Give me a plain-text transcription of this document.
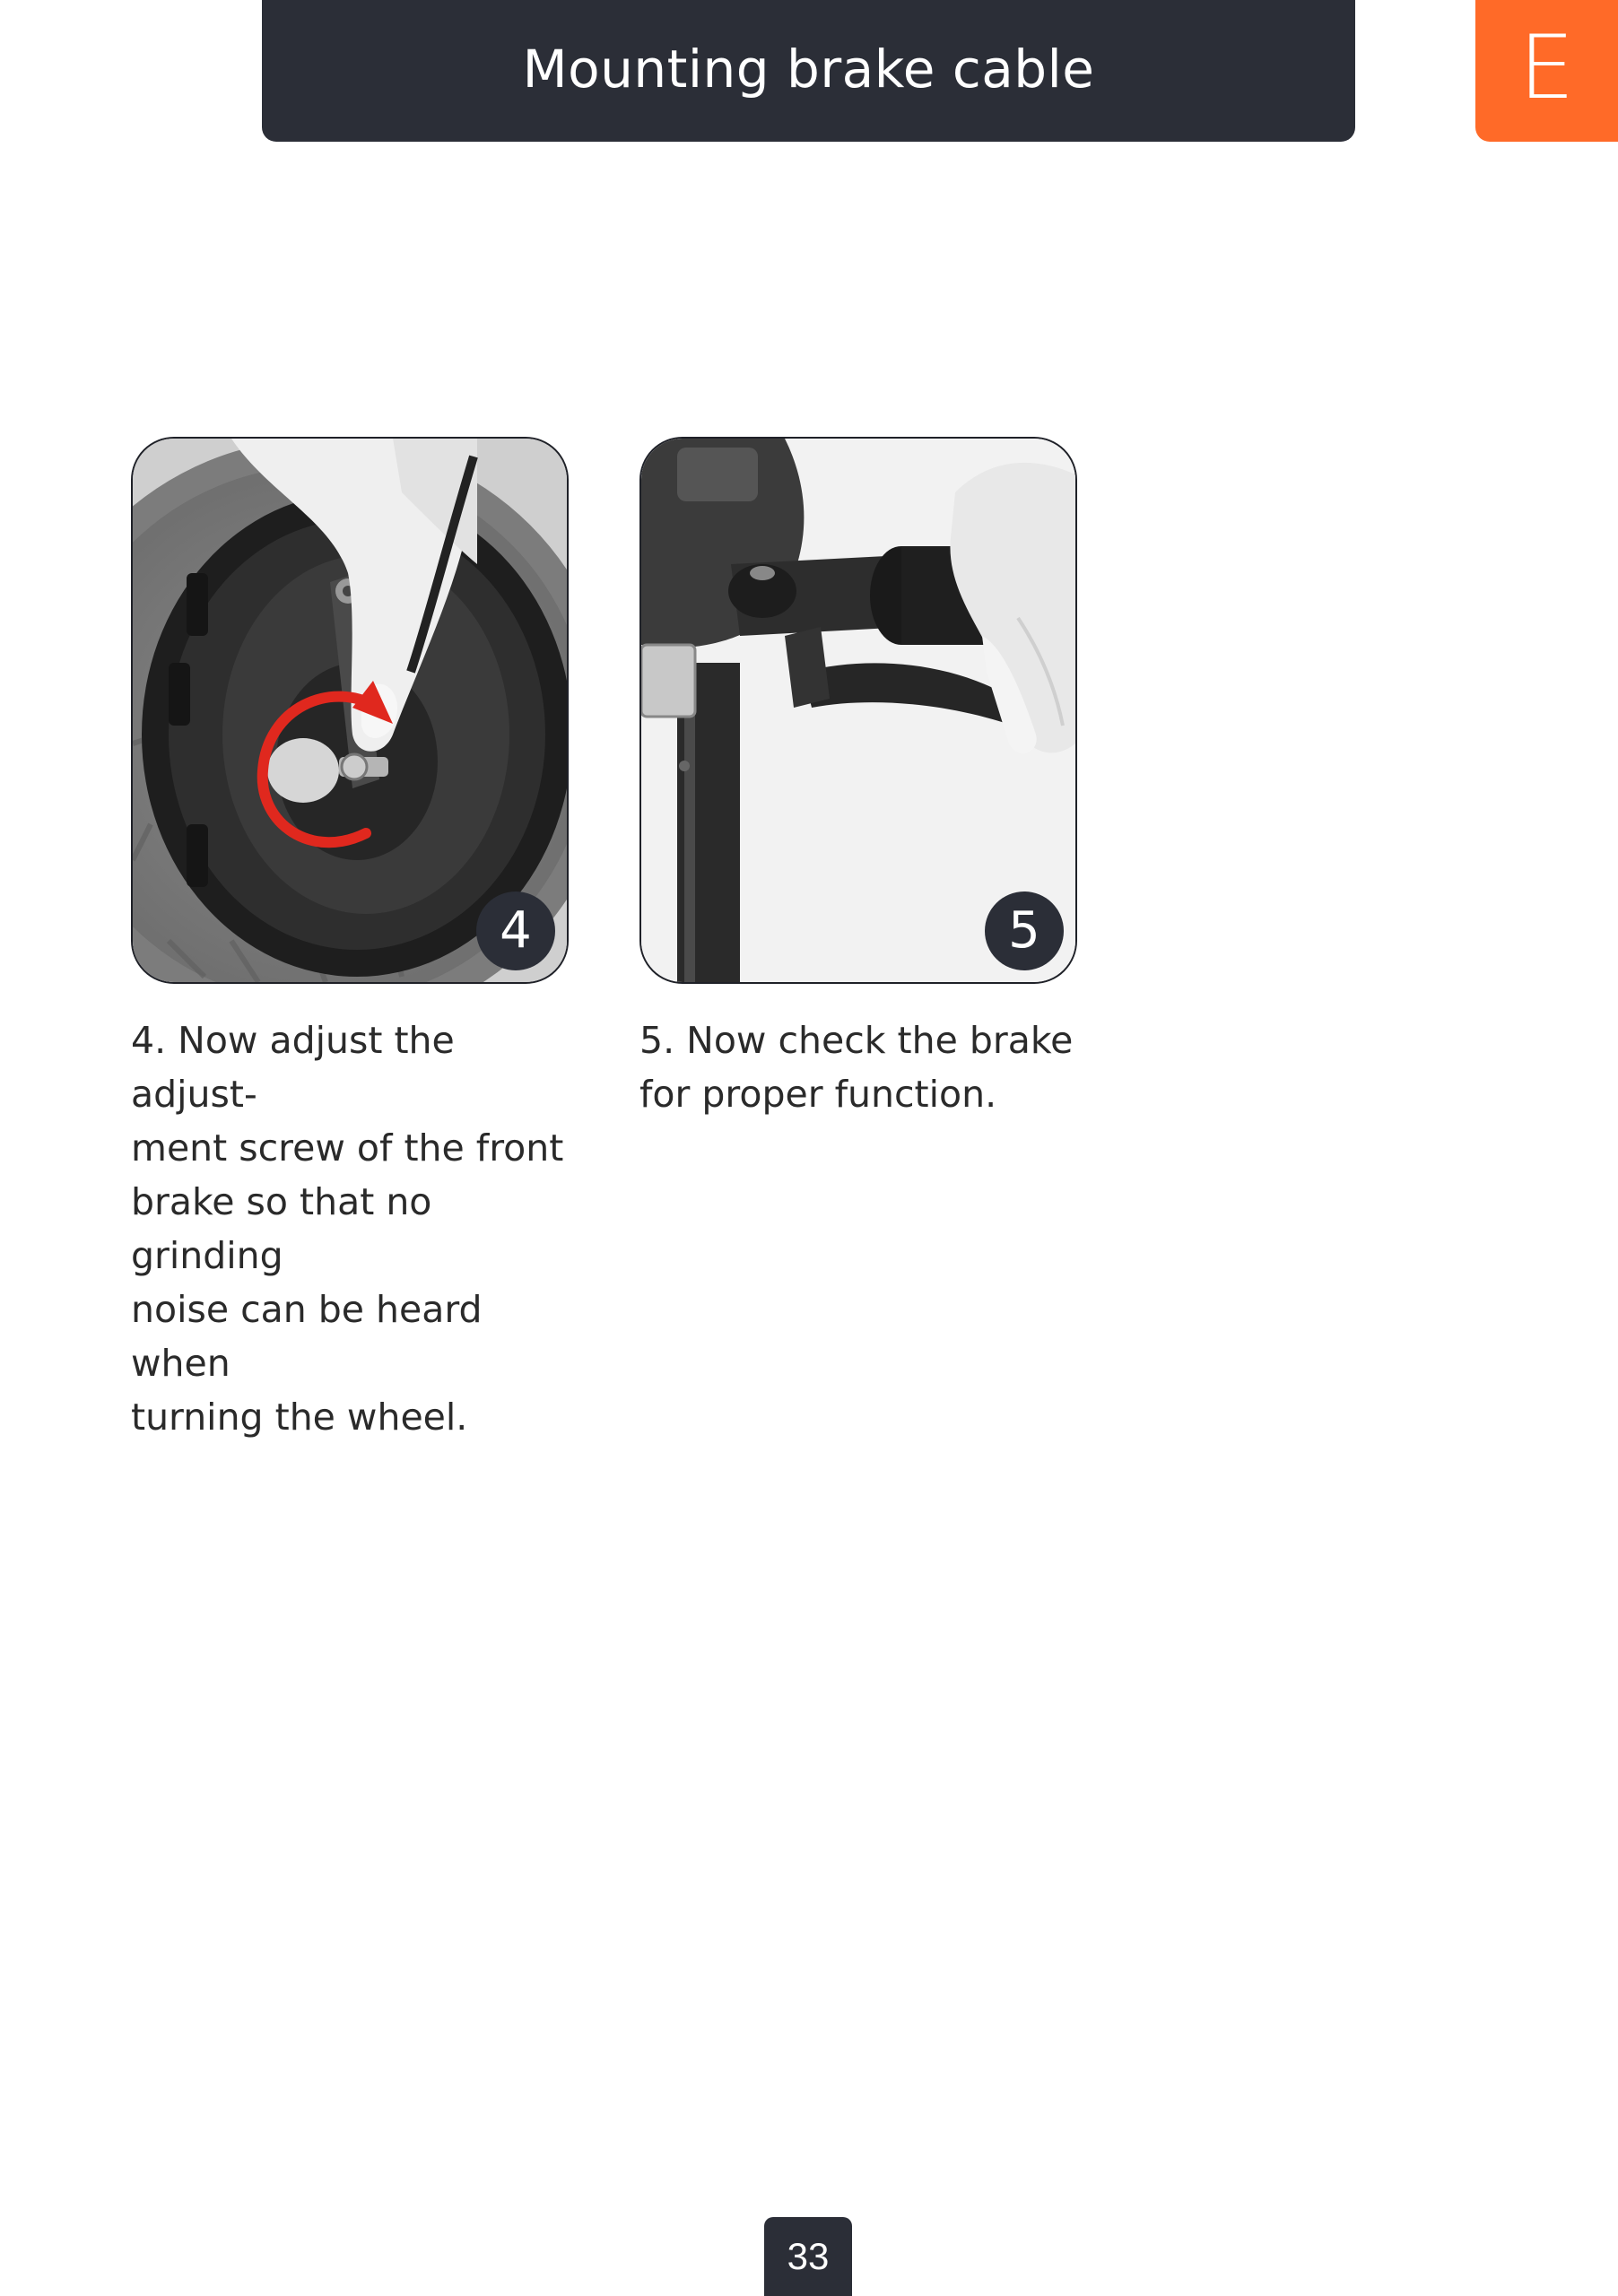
Mounting brake cable	E
4	5
4. Now adjust the adjust-
ment screw of the front
brake so that no grinding
noise can be heard when
turning the wheel.
5. Now check the brake
for proper function.
33
